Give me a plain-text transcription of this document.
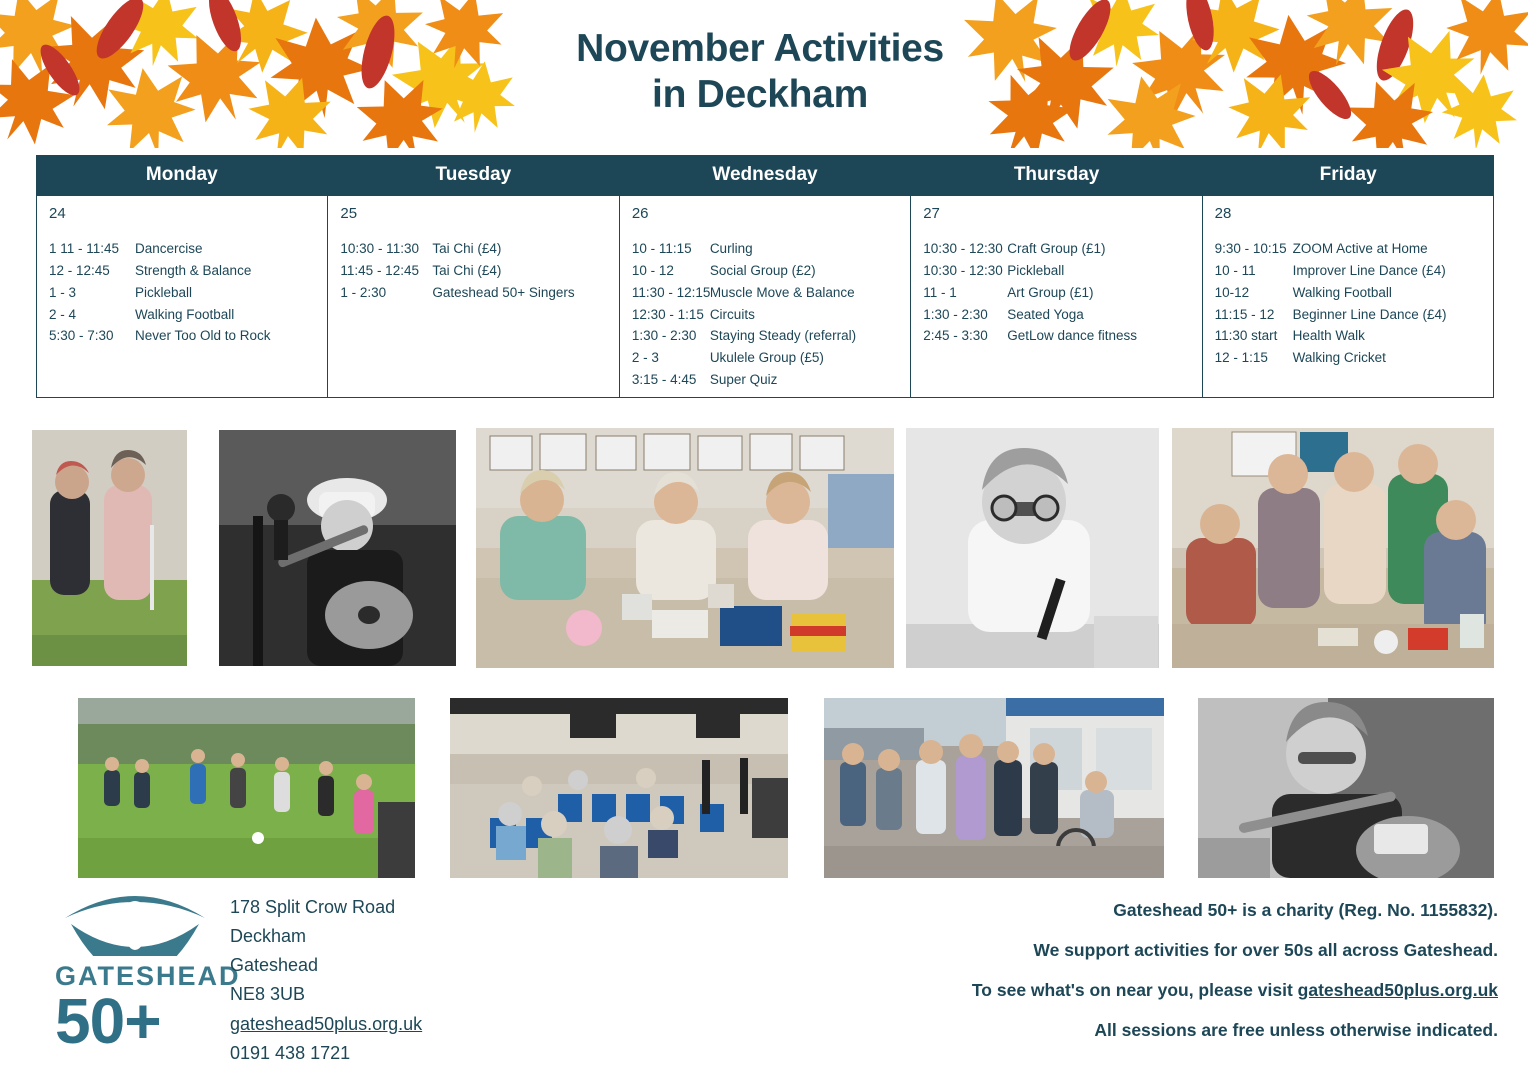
November Activities
in Deckham
Monday	Tuesday	Wednesday	Thursday	Friday
24
1 11 - 11:45	Dancercise
12 - 12:45	Strength & Balance
1 - 3	Pickleball
2 - 4	Walking Football
5:30 - 7:30	Never Too Old to Rock
25
10:30 - 11:30 Tai Chi (£4)
11:45 - 12:45 Tai Chi (£4)
1 - 2:30	Gateshead 50+ Singers
26
10 - 11:15	Curling
10 - 12	Social Group (£2)
11:30 - 12:15 Muscle Move & Balance
12:30 - 1:15 Circuits
1:30 - 2:30 Staying Steady (referral)
2 - 3	Ukulele Group (£5)
3:15 - 4:45 Super Quiz
27
10:30 - 12:30 Craft Group (£1)
10:30 - 12:30 Pickleball
11 - 1	Art Group (£1)
1:30 - 2:30	Seated Yoga
2:45 - 3:30	GetLow dance fitness
28
9:30 - 10:15 ZOOM Active at Home
10 - 11	Improver Line Dance (£4)
10-12	Walking Football
11:15 - 12	Beginner Line Dance (£4)
11:30 start	Health Walk
12 - 1:15	Walking Cricket
GATESHEAD
50+
178 Split Crow Road
Deckham
Gateshead
NE8 3UB
gateshead50plus.org.uk
0191 438 1721

Gateshead 50+ is a charity (Reg. No. 1155832).

We support activities for over 50s all across Gateshead.

To see what's on near you, please visit gateshead50plus.org.uk

All sessions are free unless otherwise indicated.
